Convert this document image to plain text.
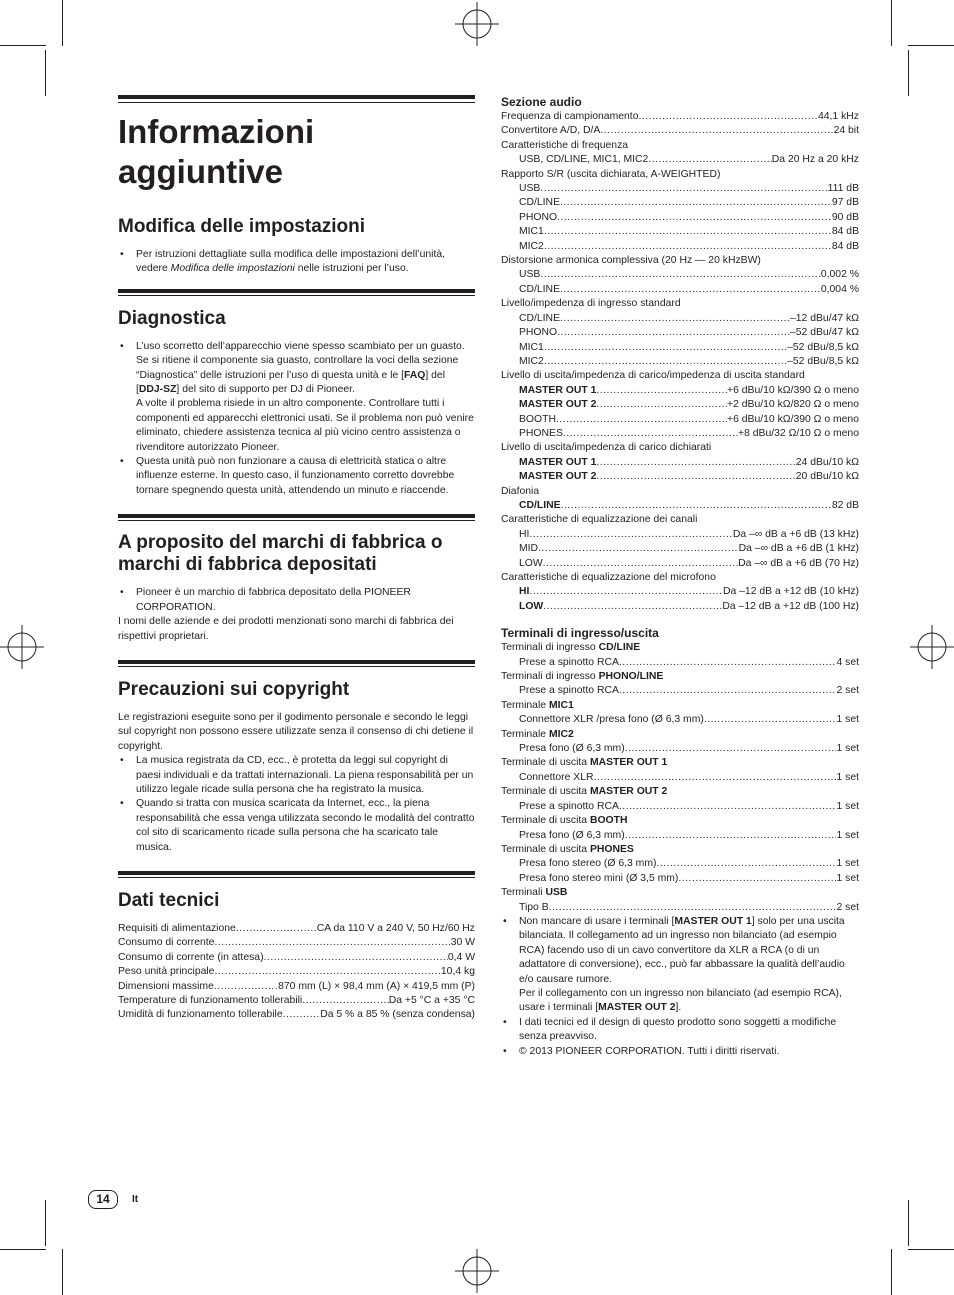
Informazioni
aggiuntive
Modifica delle impostazioni
• Per istruzioni dettagliate sulla modifica delle impostazioni dell’unità, vedere Modifica delle impostazioni nelle istruzioni per l’uso.
Diagnostica
• L’uso scorretto dell’apparecchio viene spesso scambiato per un guasto. Se si ritiene il componente sia guasto, controllare la voci della sezione “Diagnostica” delle istruzioni per l’uso di questa unità e le [FAQ] del [DDJ-SZ] del sito di supporto per DJ di Pioneer.
A volte il problema risiede in un altro componente. Controllare tutti i componenti ed apparecchi elettronici usati. Se il problema non può venire eliminato, chiedere assistenza tecnica al più vicino centro assistenza o rivenditore autorizzato Pioneer.
• Questa unità può non funzionare a causa di elettricità statica o altre influenze esterne. In questo caso, il funzionamento corretto dovrebbe tornare spegnendo questa unità, attendendo un minuto e riaccende.
A proposito del marchi di fabbrica o
marchi di fabbrica depositati
• Pioneer è un marchio di fabbrica depositato della PIONEER CORPORATION.
I nomi delle aziende e dei prodotti menzionati sono marchi di fabbrica dei rispettivi proprietari.
Precauzioni sui copyright
Le registrazioni eseguite sono per il godimento personale e secondo le leggi sul copyright non possono essere utilizzate senza il consenso di chi detiene il copyright.
• La musica registrata da CD, ecc., è protetta da leggi sul copyright di paesi individuali e da trattati internazionali. La piena responsabilità per un utilizzo legale ricade sulla persona che ha registrato la musica.
• Quando si tratta con musica scaricata da Internet, ecc., la piena responsabilità che essa venga utilizzata secondo le modalità del contratto col sito di scaricamento ricade sulla persona che ha scaricato tale musica.
Dati tecnici
Requisiti di alimentazione .....	CA da 110 V a 240 V, 50 Hz/60 Hz
Consumo di corrente .....	30 W
Consumo di corrente (in attesa) .....	0,4 W
Peso unità principale .....	10,4 kg
Dimensioni massime .....	870 mm (L) × 98,4 mm (A) × 419,5 mm (P)
Temperature di funzionamento tollerabili .....	Da +5 °C a +35 °C
Umidità di funzionamento tollerabile .....	Da 5 % a 85 % (senza condensa)
Sezione audio
Frequenza di campionamento .....	44,1 kHz
Convertitore A/D, D/A .....	24 bit
Caratteristiche di frequenza
USB, CD/LINE, MIC1, MIC2 .....	Da 20 Hz a 20 kHz
Rapporto S/R (uscita dichiarata, A-WEIGHTED)
USB .....	111 dB
CD/LINE .....	97 dB
PHONO .....	90 dB
MIC1 .....	84 dB
MIC2 .....	84 dB
Distorsione armonica complessiva (20 Hz — 20 kHzBW)
USB .....	0,002 %
CD/LINE .....	0,004 %
Livello/impedenza di ingresso standard
CD/LINE .....	–12 dBu/47 kΩ
PHONO .....	–52 dBu/47 kΩ
MIC1 .....	–52 dBu/8,5 kΩ
MIC2 .....	–52 dBu/8,5 kΩ
Livello di uscita/impedenza di carico/impedenza di uscita standard
MASTER OUT 1 .....	+6 dBu/10 kΩ/390 Ω o meno
MASTER OUT 2 .....	+2 dBu/10 kΩ/820 Ω o meno
BOOTH .....	+6 dBu/10 kΩ/390 Ω o meno
PHONES .....	+8 dBu/32 Ω/10 Ω o meno
Livello di uscita/impedenza di carico dichiarati
MASTER OUT 1 .....	24 dBu/10 kΩ
MASTER OUT 2 .....	20 dBu/10 kΩ
Diafonia
CD/LINE .....	82 dB
Caratteristiche di equalizzazione dei canali
HI .....	Da –∞ dB a +6 dB (13 kHz)
MID .....	Da –∞ dB a +6 dB (1 kHz)
LOW .....	Da –∞ dB a +6 dB (70 Hz)
Caratteristiche di equalizzazione del microfono
HI .....	Da –12 dB a +12 dB (10 kHz)
LOW .....	Da –12 dB a +12 dB (100 Hz)
Terminali di ingresso/uscita
Terminali di ingresso CD/LINE
Prese a spinotto RCA .....	4 set
Terminali di ingresso PHONO/LINE
Prese a spinotto RCA .....	2 set
Terminale MIC1
Connettore XLR /presa fono (Ø 6,3 mm) .....	1 set
Terminale MIC2
Presa fono (Ø 6,3 mm) .....	1 set
Terminale di uscita MASTER OUT 1
Connettore XLR .....	1 set
Terminale di uscita MASTER OUT 2
Prese a spinotto RCA .....	1 set
Terminale di uscita BOOTH
Presa fono (Ø 6,3 mm) .....	1 set
Terminale di uscita PHONES
Presa fono stereo (Ø 6,3 mm) .....	1 set
Presa fono stereo mini (Ø 3,5 mm) .....	1 set
Terminali USB
Tipo B .....	2 set
• Non mancare di usare i terminali [MASTER OUT 1] solo per una uscita bilanciata. Il collegamento ad un ingresso non bilanciato (ad esempio RCA) facendo uso di un cavo convertitore da XLR a RCA (o di un adattatore di conversione), ecc., può far abbassare la qualità dell’audio e/o causare rumore.
Per il collegamento con un ingresso non bilanciato (ad esempio RCA), usare i terminali [MASTER OUT 2].
• I dati tecnici ed il design di questo prodotto sono soggetti a modifiche senza preavviso.
• © 2013 PIONEER CORPORATION. Tutti i diritti riservati.
14	It
